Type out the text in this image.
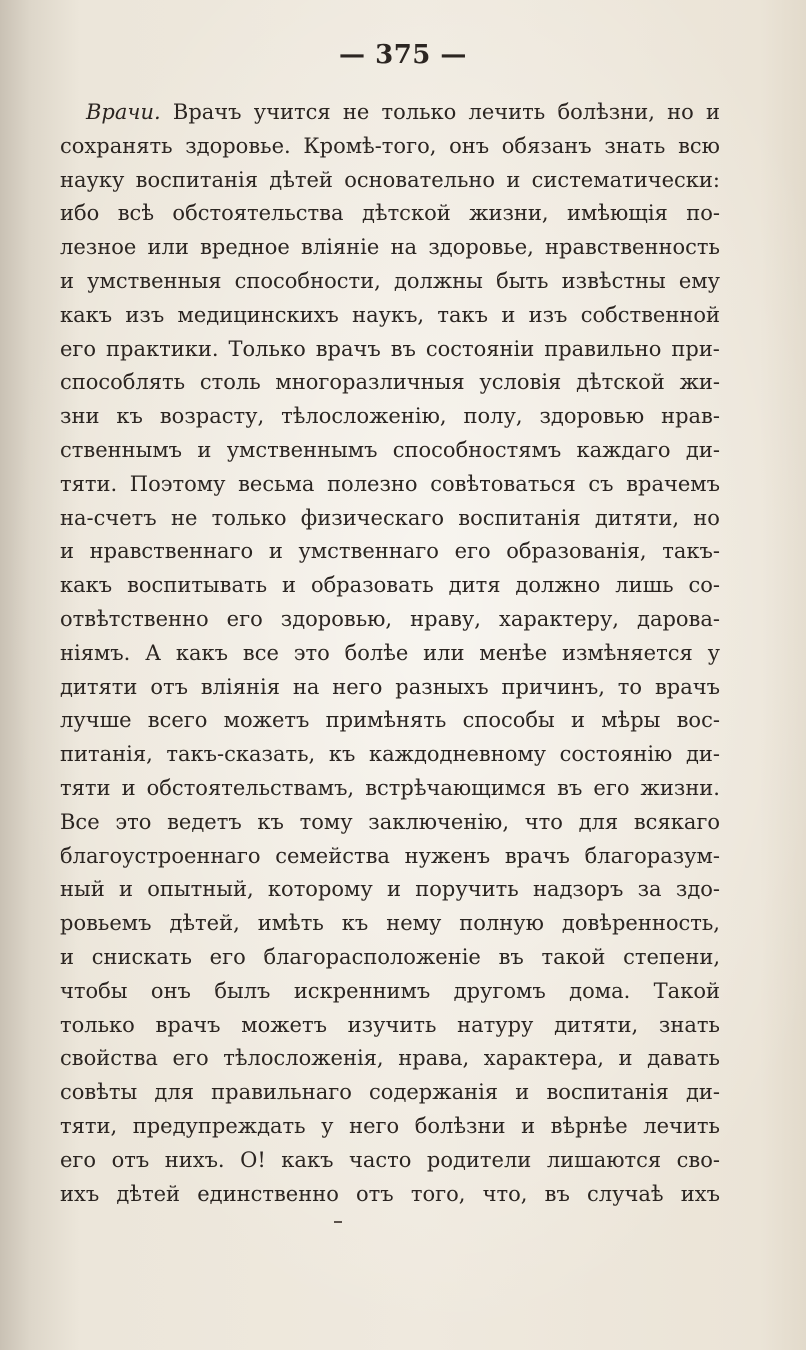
— 375 —
Врачи. Врачъ учится не только лечить болѣзни, но и
сохранять здоровье. Кромѣ-того, онъ обязанъ знать всю
науку воспитанія дѣтей основательно и систематически:
ибо всѣ обстоятельства дѣтской жизни, имѣющія по-
лезное или вредное вліяніе на здоровье, нравственность
и умственныя способности, должны быть извѣстны ему
какъ изъ медицинскихъ наукъ, такъ и изъ собственной
его практики. Только врачъ въ состояніи правильно при-
способлять столь многоразличныя условія дѣтской жи-
зни къ возрасту, тѣлосложенію, полу, здоровью нрав-
ственнымъ и умственнымъ способностямъ каждаго ди-
тяти. Поэтому весьма полезно совѣтоваться съ врачемъ
на-счетъ не только физическаго воспитанія дитяти, но
и нравственнаго и умственнаго его образованія, такъ-
какъ воспитывать и образовать дитя должно лишь со-
отвѣтственно его здоровью, нраву, характеру, дарова-
ніямъ. А какъ все это болѣе или менѣе измѣняется у
дитяти отъ вліянія на него разныхъ причинъ, то врачъ
лучше всего можетъ примѣнять способы и мѣры вос-
питанія, такъ-сказать, къ каждодневному состоянію ди-
тяти и обстоятельствамъ, встрѣчающимся въ его жизни.
Все это ведетъ къ тому заключенію, что для всякаго
благоустроеннаго семейства нуженъ врачъ благоразум-
ный и опытный, которому и поручить надзоръ за здо-
ровьемъ дѣтей, имѣть къ нему полную довѣренность,
и снискать его благорасположеніе въ такой степени,
чтобы онъ былъ искреннимъ другомъ дома. Такой
только врачъ можетъ изучить натуру дитяти, знать
свойства его тѣлосложенія, нрава, характера, и давать
совѣты для правильнаго содержанія и воспитанія ди-
тяти, предупреждать у него болѣзни и вѣрнѣе лечить
его отъ нихъ. О! какъ часто родители лишаются сво-
ихъ дѣтей единственно отъ того, что, въ случаѣ ихъ
